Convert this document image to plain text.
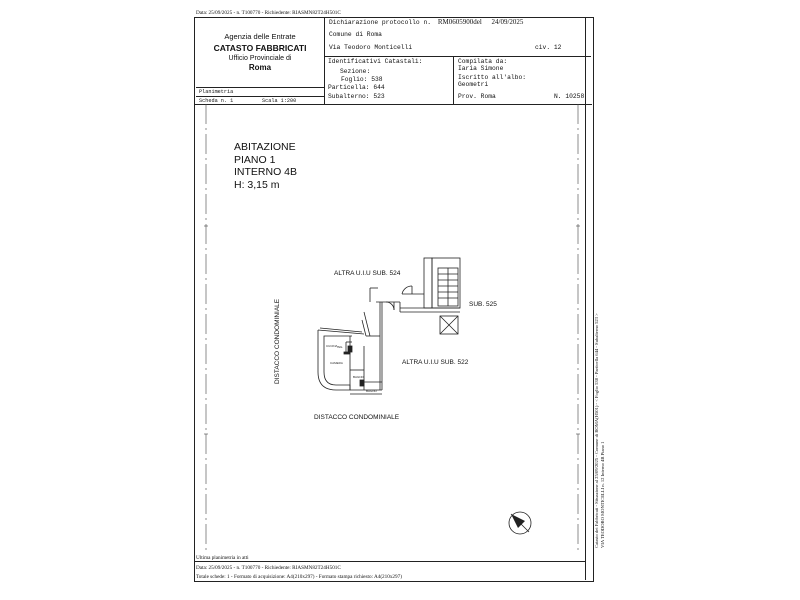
Data: 25/09/2025 - n. T100770 - Richiedente: RIASMN82T24H501C
Agenzia delle Entrate
CATASTO FABBRICATI
Ufficio Provinciale di
Roma
Dichiarazione protocollo n. RM0605900del 24/09/2025
Comune di Roma
Via Teodoro Monticelli	civ. 12
Identificativi Catastali:
Sezione:
Foglio: 538
Particella: 644
Subalterno: 523
Compilata da:
Iaria Simone
Iscritto all'albo:
Geometri
Prov. Roma	N. 10258
Planimetria
Scheda n. 1	Scala 1:200
ABITAZIONE
PIANO 1
INTERNO 4B
H: 3,15 m
CUCINA ING.
BAGNO
BAGNO
CAMERA
ALTRA U.I.U SUB. 524
SUB. 525
ALTRA U.I.U SUB. 522
DISTACCO CONDOMINIALE
DISTACCO CONDOMINIALE	Catasto dei Fabbricati - Situazione al 25/09/2025 - Comune di ROMA(H501) - < Foglio 538 - Particella 644 - Subalterno 523 > VIA TEODORO MONTICELLI n. 12 Interno 4B Piano 1
Ultima planimetria in atti
Data: 25/09/2025 - n. T100770 - Richiedente: RIASMN82T24H501C
Totale schede: 1 - Formato di acquisizione: A4(210x297) - Formato stampa richiesto: A4(210x297)
